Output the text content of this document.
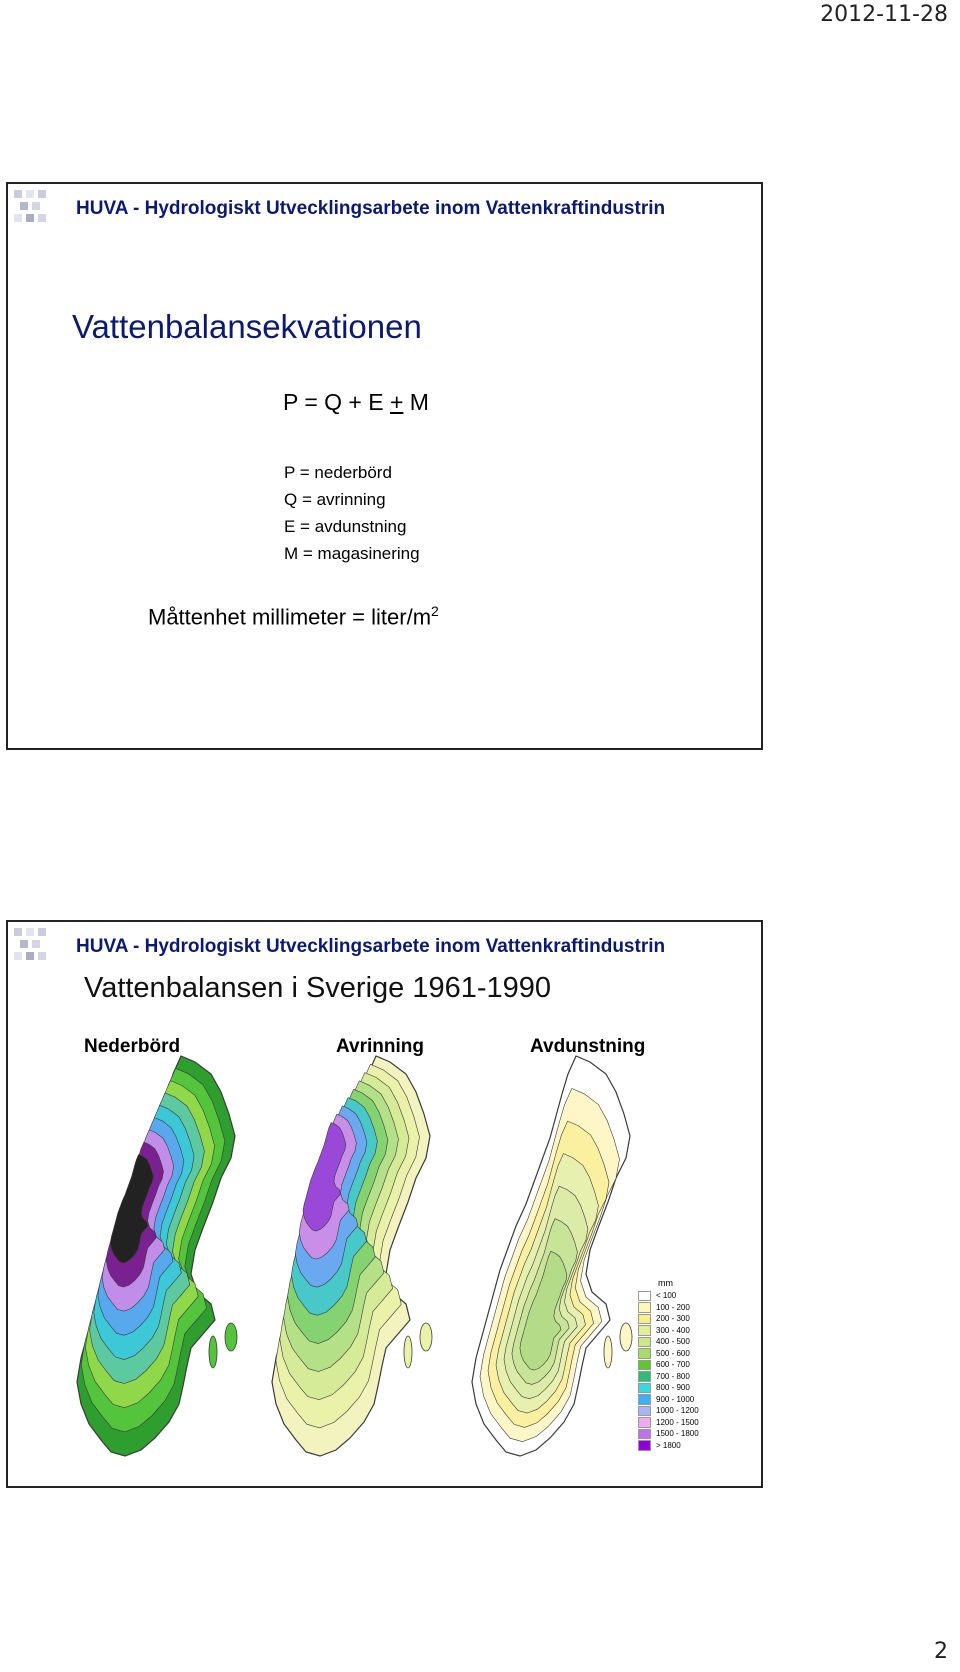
2012-11-28
HUVA - Hydrologiskt Utvecklingsarbete inom Vattenkraftindustrin
Vattenbalansekvationen
P = Q + E + M
P = nederbörd
Q = avrinning
E = avdunstning
M = magasinering
Måttenhet millimeter = liter/$m^2$
HUVA - Hydrologiskt Utvecklingsarbete inom Vattenkraftindustrin
Vattenbalansen i Sverige 1961-1990
Nederbörd	Avrinning	Avdunstning
mm
< 100
100 - 200
200 - 300
300 - 400
400 - 500
500 - 600
600 - 700
700 - 800
800 - 900
900 - 1000
1000 - 1200
1200 - 1500
1500 - 1800
> 1800
2
